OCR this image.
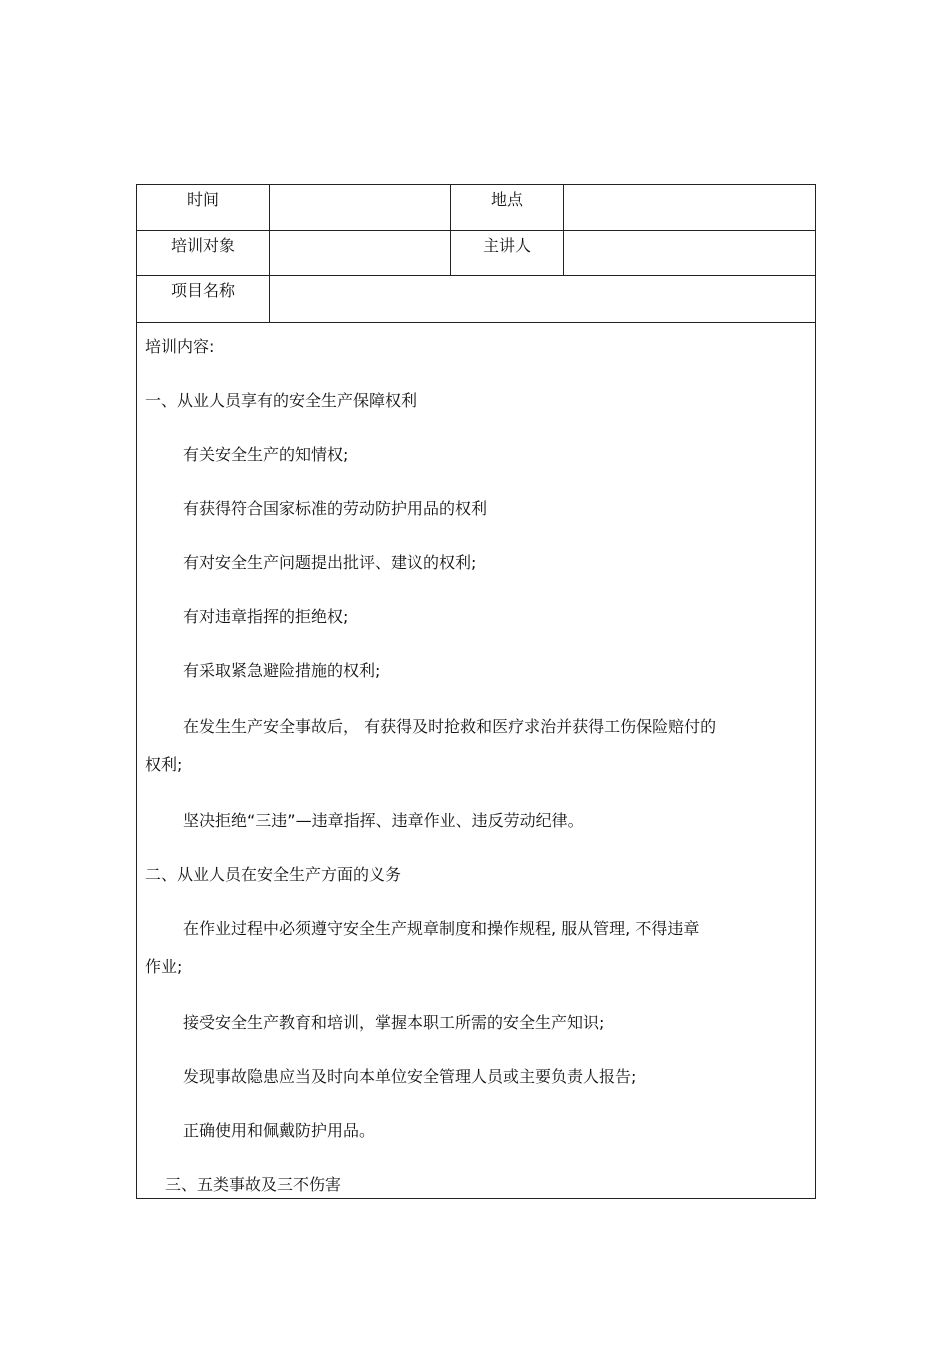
时间	地点
培训对象	主讲人
项目名称
培训内容:
一、从业人员享有的安全生产保障权利
有关安全生产的知情权;
有获得符合国家标准的劳动防护用品的权利
有对安全生产问题提出批评、建议的权利;
有对违章指挥的拒绝权;
有采取紧急避险措施的权利;
在发生生产安全事故后， 有获得及时抢救和医疗求治并获得工伤保险赔付的
权利;
坚决拒绝“三违”—违章指挥、违章作业、违反劳动纪律。
二、从业人员在安全生产方面的义务
在作业过程中必须遵守安全生产规章制度和操作规程, 服从管理, 不得违章
作业;
接受安全生产教育和培训，掌握本职工所需的安全生产知识;
发现事故隐患应当及时向本单位安全管理人员或主要负责人报告;
正确使用和佩戴防护用品。
三、五类事故及三不伤害
